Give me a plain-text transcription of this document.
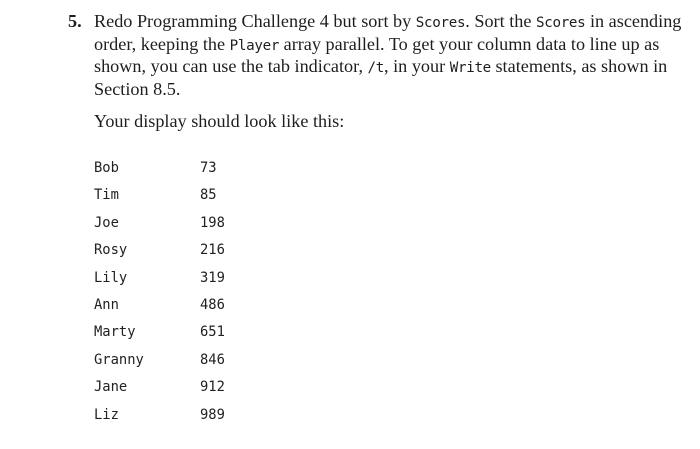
5. Redo Programming Challenge 4 but sort by Scores. Sort the Scores in ascending order, keeping the Player array parallel. To get your column data to line up as shown, you can use the tab indicator, /t, in your Write statements, as shown in Section 8.5.
Your display should look like this:
Bob	73
Tim	85
Joe	198
Rosy	216
Lily	319
Ann	486
Marty	651
Granny	846
Jane	912
Liz	989
